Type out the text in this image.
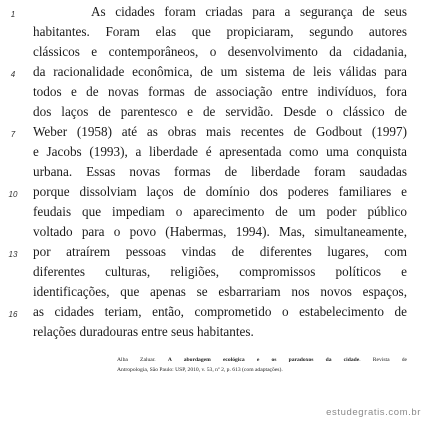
1
4
7
10
13
16
As cidades foram criadas para a segurança de seus
habitantes. Foram elas que propiciaram, segundo autores
clássicos e contemporâneos, o desenvolvimento da cidadania,
da racionalidade econômica, de um sistema de leis válidas para
todos e de novas formas de associação entre indivíduos, fora
dos laços de parentesco e de servidão. Desde o clássico de
Weber (1958) até as obras mais recentes de Godbout (1997)
e Jacobs (1993), a liberdade é apresentada como uma conquista
urbana. Essas novas formas de liberdade foram saudadas
porque dissolviam laços de domínio dos poderes familiares e
feudais que impediam o aparecimento de um poder público
voltado para o povo (Habermas, 1994). Mas, simultaneamente,
por atraírem pessoas vindas de diferentes lugares, com
diferentes culturas, religiões, compromissos políticos e
identificações, que apenas se esbarrariam nos novos espaços,
as cidades teriam, então, comprometido o estabelecimento de
relações duradouras entre seus habitantes.
Alba Zaluar. A abordagem ecológica e os paradoxos da cidade. Revista de
Antropologia, São Paulo: USP, 2010, v. 53, nº 2, p. 613 (com adaptações).
estudegratis.com.br
